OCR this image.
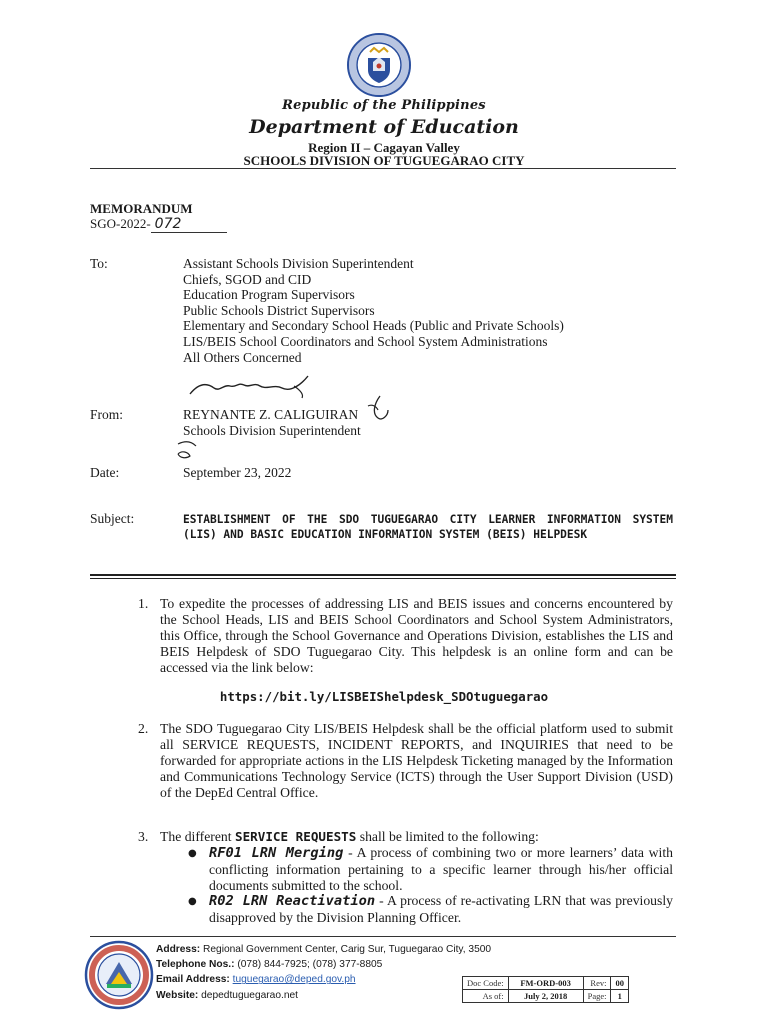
Republic of the Philippines
Department of Education
Region II – Cagayan Valley
SCHOOLS DIVISION OF TUGUEGARAO CITY
MEMORANDUM
SGO-2022- 072
To:	Assistant Schools Division Superintendent
Chiefs, SGOD and CID
Education Program Supervisors
Public Schools District Supervisors
Elementary and Secondary School Heads (Public and Private Schools)
LIS/BEIS School Coordinators and School System Administrations
All Others Concerned
From:	REYNANTE Z. CALIGUIRAN
Schools Division Superintendent
Date:	September 23, 2022
Subject:	ESTABLISHMENT OF THE SDO TUGUEGARAO CITY LEARNER INFORMATION SYSTEM (LIS) AND BASIC EDUCATION INFORMATION SYSTEM (BEIS) HELPDESK
1. To expedite the processes of addressing LIS and BEIS issues and concerns encountered by the School Heads, LIS and BEIS School Coordinators and School System Administrators, this Office, through the School Governance and Operations Division, establishes the LIS and BEIS Helpdesk of SDO Tuguegarao City. This helpdesk is an online form and can be accessed via the link below:
https://bit.ly/LISBEIShelpdesk_SDOtuguegarao
2. The SDO Tuguegarao City LIS/BEIS Helpdesk shall be the official platform used to submit all SERVICE REQUESTS, INCIDENT REPORTS, and INQUIRIES that need to be forwarded for appropriate actions in the LIS Helpdesk Ticketing managed by the Information and Communications Technology Service (ICTS) through the User Support Division (USD) of the DepEd Central Office.
3. The different SERVICE REQUESTS shall be limited to the following:
● RF01 LRN Merging - A process of combining two or more learners’ data with conflicting information pertaining to a specific learner through his/her official documents submitted to the school.
● R02 LRN Reactivation - A process of re-activating LRN that was previously disapproved by the Division Planning Officer.
Address: Regional Government Center, Carig Sur, Tuguegarao City, 3500
Telephone Nos.: (078) 844-7925; (078) 377-8805
Email Address: tuguegarao@deped.gov.ph
Website: depedtuguegarao.net
Doc Code:	FM-ORD-003	Rev:	00
As of:	July 2, 2018	Page:	1
